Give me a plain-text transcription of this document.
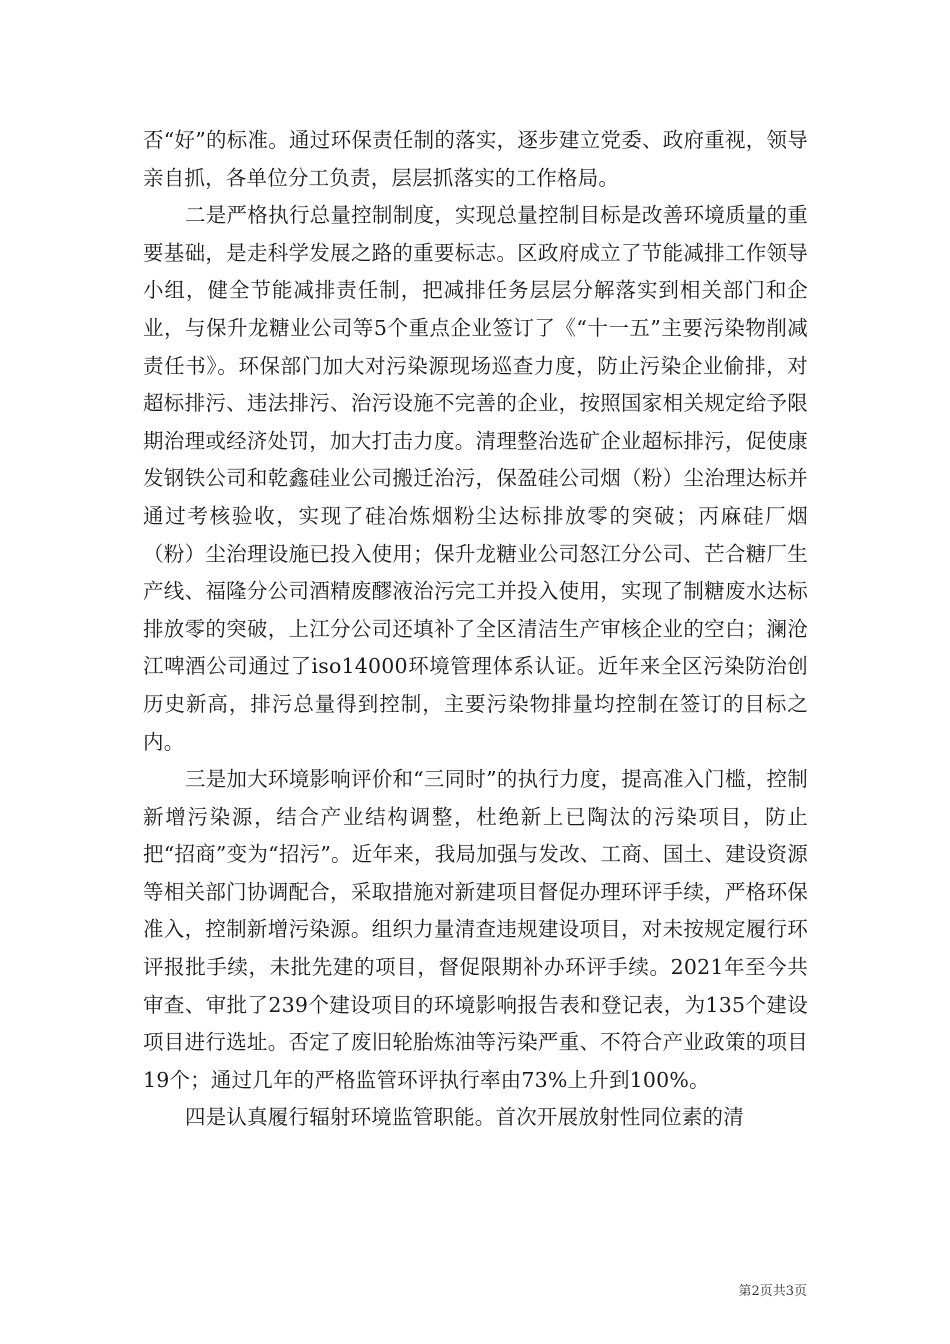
否“好”的标准。通过环保责任制的落实，逐步建立党委、政府重视，领导亲自抓，各单位分工负责，层层抓落实的工作格局。

二是严格执行总量控制制度，实现总量控制目标是改善环境质量的重要基础，是走科学发展之路的重要标志。区政府成立了节能减排工作领导小组，健全节能减排责任制，把减排任务层层分解落实到相关部门和企业，与保升龙糖业公司等5个重点企业签订了《“十一五”主要污染物削减责任书》。环保部门加大对污染源现场巡查力度，防止污染企业偷排，对超标排污、违法排污、治污设施不完善的企业，按照国家相关规定给予限期治理或经济处罚，加大打击力度。清理整治选矿企业超标排污，促使康发钢铁公司和乾鑫硅业公司搬迁治污，保盈硅公司烟（粉）尘治理达标并通过考核验收，实现了硅冶炼烟粉尘达标排放零的突破；丙麻硅厂烟（粉）尘治理设施已投入使用；保升龙糖业公司怒江分公司、芒合糖厂生产线、福隆分公司酒精废醪液治污完工并投入使用，实现了制糖废水达标排放零的突破，上江分公司还填补了全区清洁生产审核企业的空白；澜沧江啤酒公司通过了iso14000环境管理体系认证。近年来全区污染防治创历史新高，排污总量得到控制，主要污染物排量均控制在签订的目标之内。

三是加大环境影响评价和“三同时”的执行力度，提高准入门槛，控制新增污染源，结合产业结构调整，杜绝新上已陶汰的污染项目，防止把“招商”变为“招污”。近年来，我局加强与发改、工商、国土、建设资源等相关部门协调配合，采取措施对新建项目督促办理环评手续，严格环保准入，控制新增污染源。组织力量清查违规建设项目，对未按规定履行环评报批手续，未批先建的项目，督促限期补办环评手续。2021年至今共审查、审批了239个建设项目的环境影响报告表和登记表，为135个建设项目进行选址。否定了废旧轮胎炼油等污染严重、不符合产业政策的项目19个；通过几年的严格监管环评执行率由73%上升到100%。

四是认真履行辐射环境监管职能。首次开展放射性同位素的清

第2页共3页
